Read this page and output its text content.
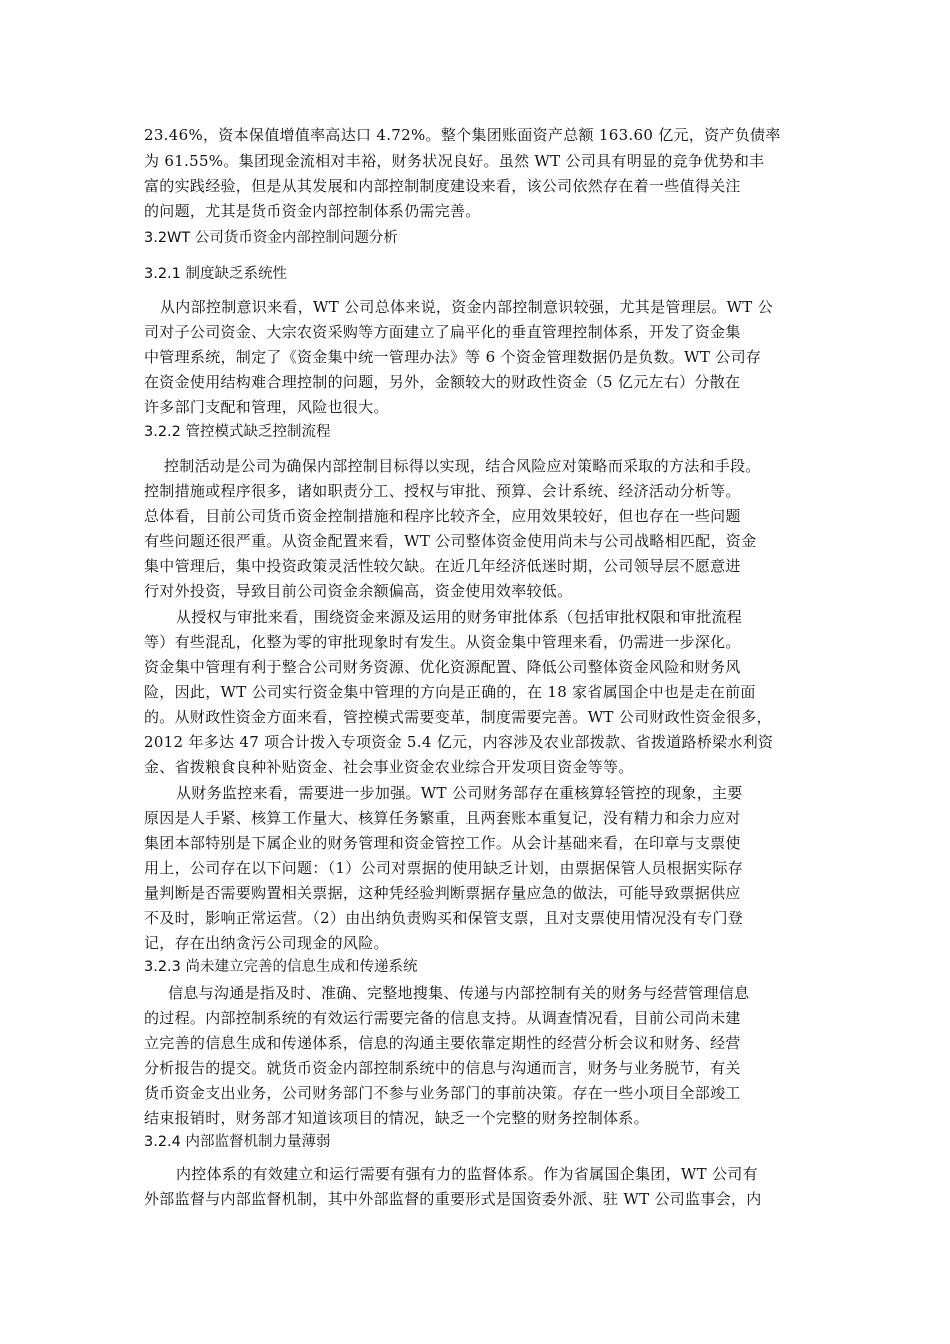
23.46%，资本保值增值率高达口 4.72%。整个集团账面资产总额 163.60 亿元，资产负债率
为 61.55%。集团现金流相对丰裕，财务状况良好。虽然 WT 公司具有明显的竞争优势和丰
富的实践经验，但是从其发展和内部控制制度建设来看，该公司依然存在着一些值得关注
的问题，尤其是货币资金内部控制体系仍需完善。
3.2WT 公司货币资金内部控制问题分析
3.2.1 制度缺乏系统性
从内部控制意识来看，WT 公司总体来说，资金内部控制意识较强，尤其是管理层。WT 公
司对子公司资金、大宗农资采购等方面建立了扁平化的垂直管理控制体系，开发了资金集
中管理系统，制定了《资金集中统一管理办法》等 6 个资金管理数据仍是负数。WT 公司存
在资金使用结构难合理控制的问题，另外，金额较大的财政性资金（5 亿元左右）分散在
许多部门支配和管理，风险也很大。
3.2.2 管控模式缺乏控制流程
控制活动是公司为确保内部控制目标得以实现，结合风险应对策略而采取的方法和手段。
控制措施或程序很多，诸如职责分工、授权与审批、预算、会计系统、经济活动分析等。
总体看，目前公司货币资金控制措施和程序比较齐全，应用效果较好，但也存在一些问题
有些问题还很严重。从资金配置来看，WT 公司整体资金使用尚未与公司战略相匹配，资金
集中管理后，集中投资政策灵活性较欠缺。在近几年经济低迷时期，公司领导层不愿意进
行对外投资，导致目前公司资金余额偏高，资金使用效率较低。
从授权与审批来看，围绕资金来源及运用的财务审批体系（包括审批权限和审批流程
等）有些混乱，化整为零的审批现象时有发生。从资金集中管理来看，仍需进一步深化。
资金集中管理有利于整合公司财务资源、优化资源配置、降低公司整体资金风险和财务风
险，因此，WT 公司实行资金集中管理的方向是正确的，在 18 家省属国企中也是走在前面
的。从财政性资金方面来看，管控模式需要变革，制度需要完善。WT 公司财政性资金很多，
2012 年多达 47 项合计拨入专项资金 5.4 亿元，内容涉及农业部拨款、省拨道路桥梁水利资
金、省拨粮食良种补贴资金、社会事业资金农业综合开发项目资金等等。
从财务监控来看，需要进一步加强。WT 公司财务部存在重核算轻管控的现象，主要
原因是人手紧、核算工作量大、核算任务繁重，且两套账本重复记，没有精力和余力应对
集团本部特别是下属企业的财务管理和资金管控工作。从会计基础来看，在印章与支票使
用上，公司存在以下问题：（1）公司对票据的使用缺乏计划，由票据保管人员根据实际存
量判断是否需要购置相关票据，这种凭经验判断票据存量应急的做法，可能导致票据供应
不及时，影响正常运营。（2）由出纳负责购买和保管支票，且对支票使用情况没有专门登
记，存在出纳贪污公司现金的风险。
3.2.3 尚未建立完善的信息生成和传递系统
信息与沟通是指及时、准确、完整地搜集、传递与内部控制有关的财务与经营管理信息
的过程。内部控制系统的有效运行需要完备的信息支持。从调查情况看，目前公司尚未建
立完善的信息生成和传递体系，信息的沟通主要依靠定期性的经营分析会议和财务、经营
分析报告的提交。就货币资金内部控制系统中的信息与沟通而言，财务与业务脱节，有关
货币资金支出业务，公司财务部门不参与业务部门的事前决策。存在一些小项目全部竣工
结束报销时，财务部才知道该项目的情况，缺乏一个完整的财务控制体系。
3.2.4 内部监督机制力量薄弱
内控体系的有效建立和运行需要有强有力的监督体系。作为省属国企集团，WT 公司有
外部监督与内部监督机制，其中外部监督的重要形式是国资委外派、驻 WT 公司监事会，内
